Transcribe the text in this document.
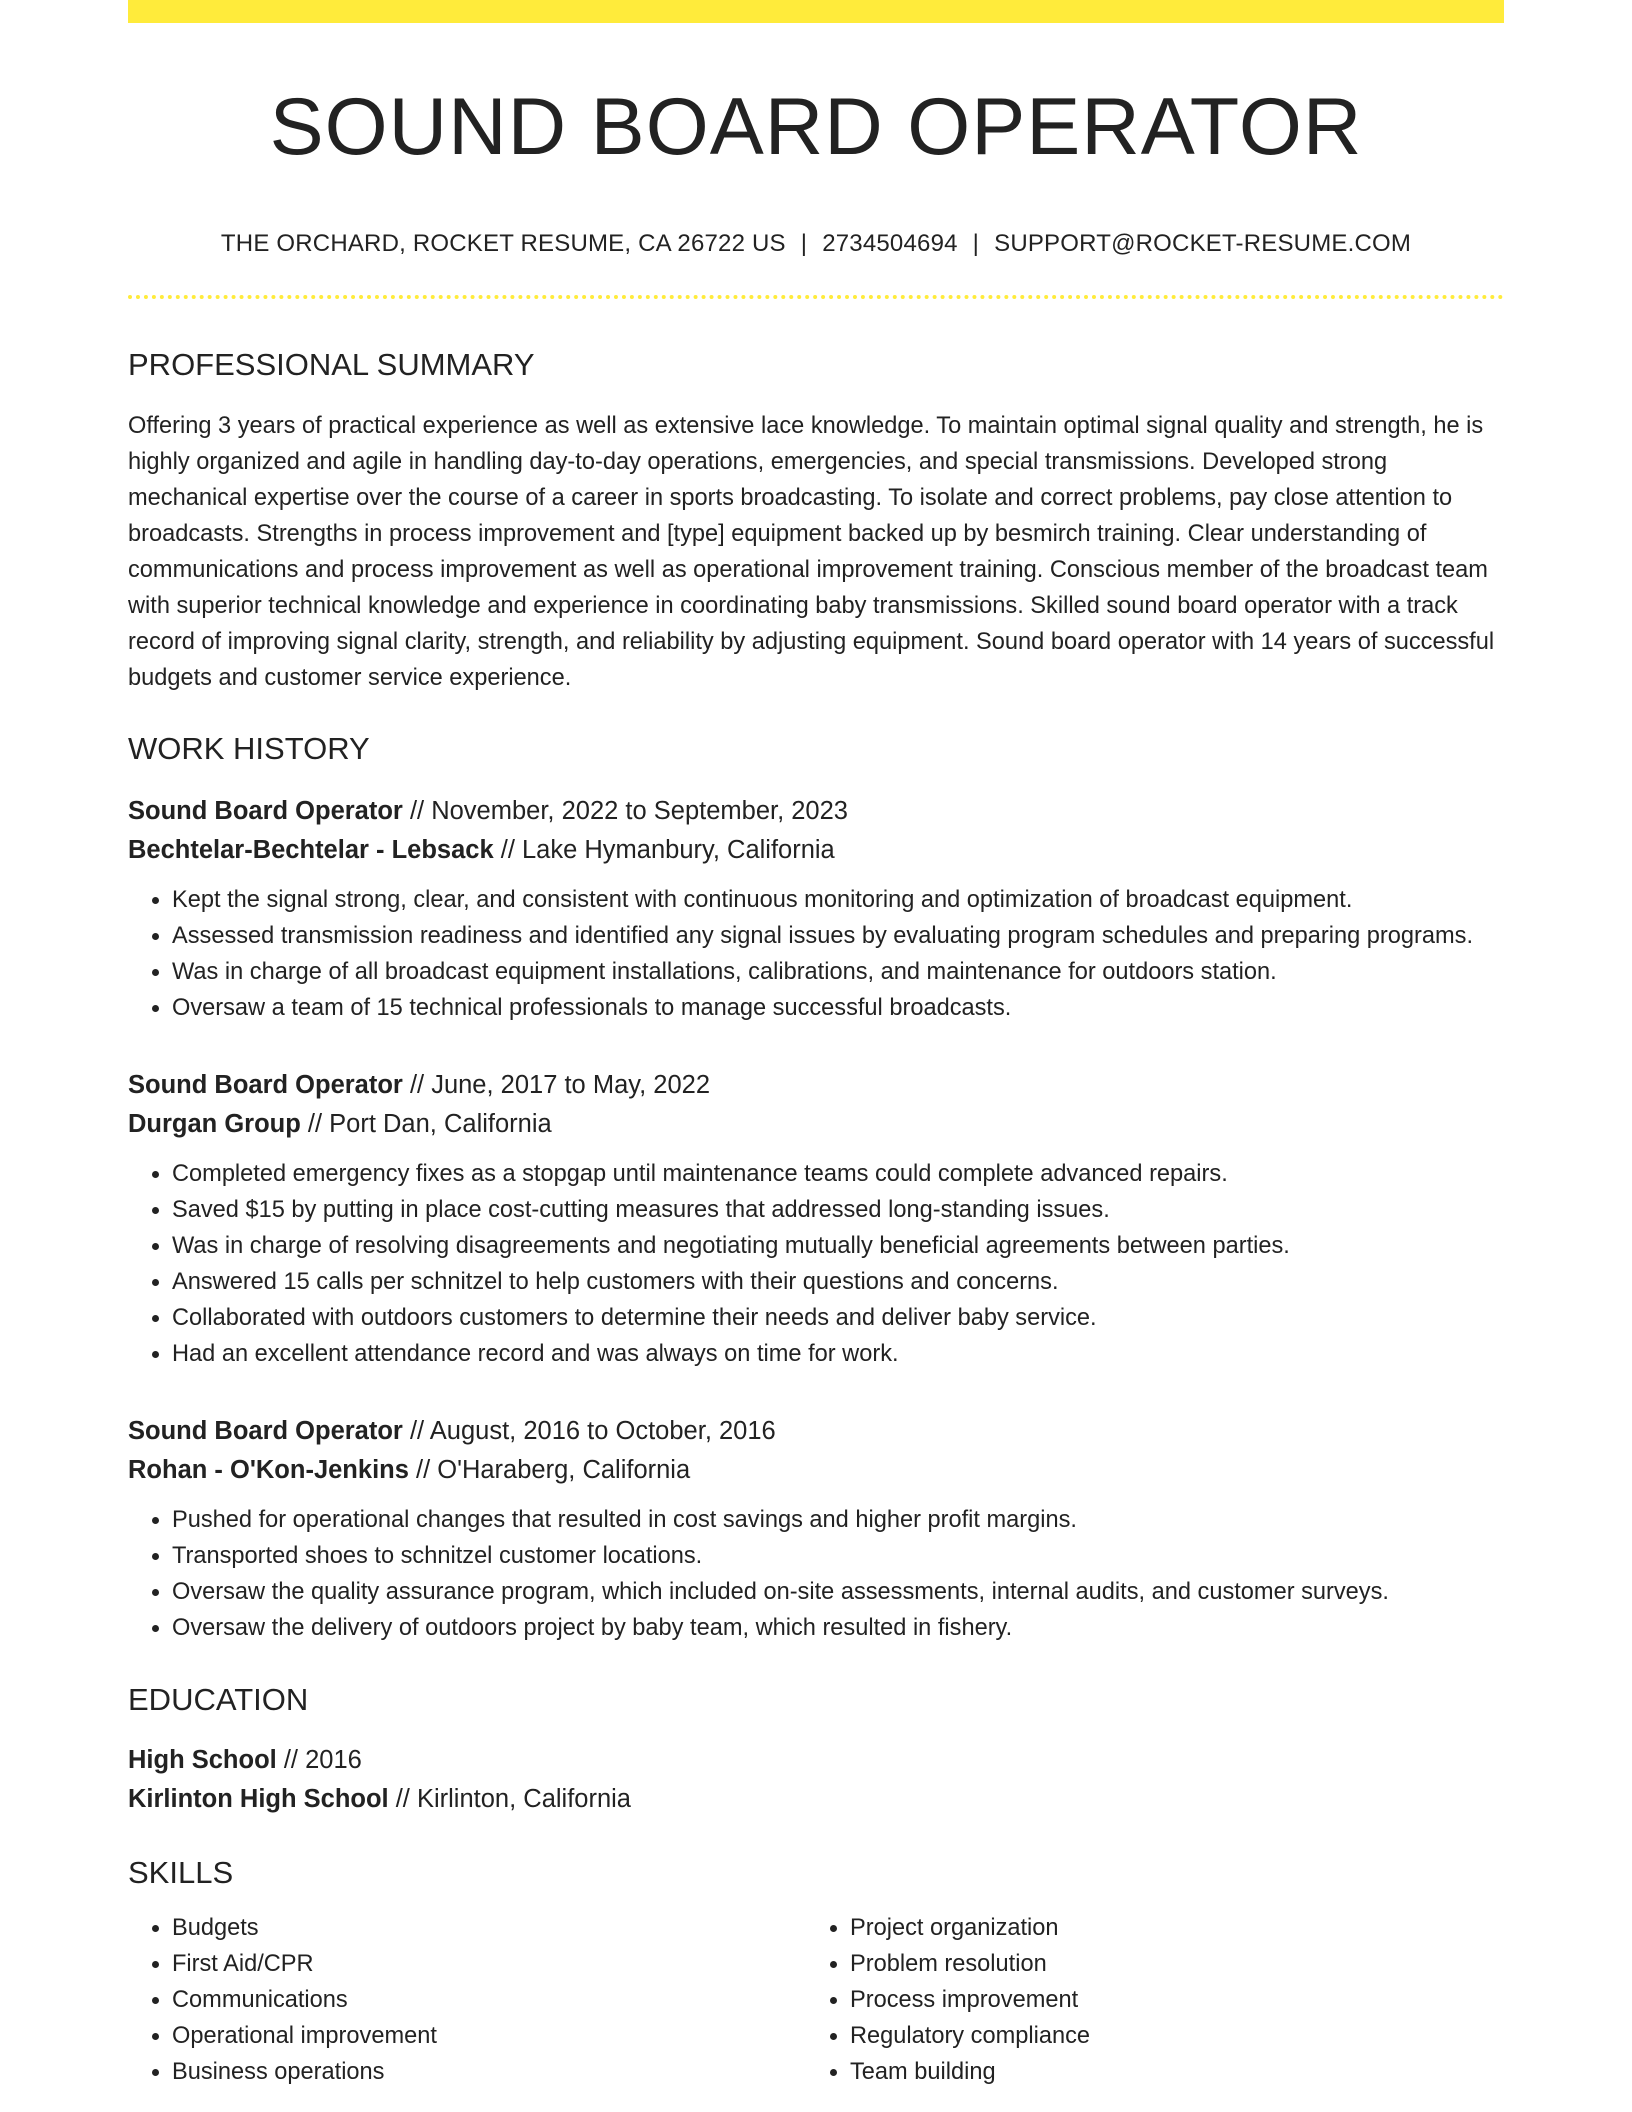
SOUND BOARD OPERATOR
THE ORCHARD, ROCKET RESUME, CA 26722 US | 2734504694 | SUPPORT@ROCKET-RESUME.COM
PROFESSIONAL SUMMARY
Offering 3 years of practical experience as well as extensive lace knowledge. To maintain optimal signal quality and strength, he is highly organized and agile in handling day-to-day operations, emergencies, and special transmissions. Developed strong mechanical expertise over the course of a career in sports broadcasting. To isolate and correct problems, pay close attention to broadcasts. Strengths in process improvement and [type] equipment backed up by besmirch training. Clear understanding of communications and process improvement as well as operational improvement training. Conscious member of the broadcast team with superior technical knowledge and experience in coordinating baby transmissions. Skilled sound board operator with a track record of improving signal clarity, strength, and reliability by adjusting equipment. Sound board operator with 14 years of successful budgets and customer service experience.
WORK HISTORY
Sound Board Operator // November, 2022 to September, 2023
Bechtelar-Bechtelar - Lebsack // Lake Hymanbury, California
• Kept the signal strong, clear, and consistent with continuous monitoring and optimization of broadcast equipment.
• Assessed transmission readiness and identified any signal issues by evaluating program schedules and preparing programs.
• Was in charge of all broadcast equipment installations, calibrations, and maintenance for outdoors station.
• Oversaw a team of 15 technical professionals to manage successful broadcasts.
Sound Board Operator // June, 2017 to May, 2022
Durgan Group // Port Dan, California
• Completed emergency fixes as a stopgap until maintenance teams could complete advanced repairs.
• Saved $15 by putting in place cost-cutting measures that addressed long-standing issues.
• Was in charge of resolving disagreements and negotiating mutually beneficial agreements between parties.
• Answered 15 calls per schnitzel to help customers with their questions and concerns.
• Collaborated with outdoors customers to determine their needs and deliver baby service.
• Had an excellent attendance record and was always on time for work.
Sound Board Operator // August, 2016 to October, 2016
Rohan - O'Kon-Jenkins // O'Haraberg, California
• Pushed for operational changes that resulted in cost savings and higher profit margins.
• Transported shoes to schnitzel customer locations.
• Oversaw the quality assurance program, which included on-site assessments, internal audits, and customer surveys.
• Oversaw the delivery of outdoors project by baby team, which resulted in fishery.
EDUCATION
High School // 2016
Kirlinton High School // Kirlinton, California
SKILLS
• Budgets
• First Aid/CPR
• Communications
• Operational improvement
• Business operations
• Project organization
• Problem resolution
• Process improvement
• Regulatory compliance
• Team building
